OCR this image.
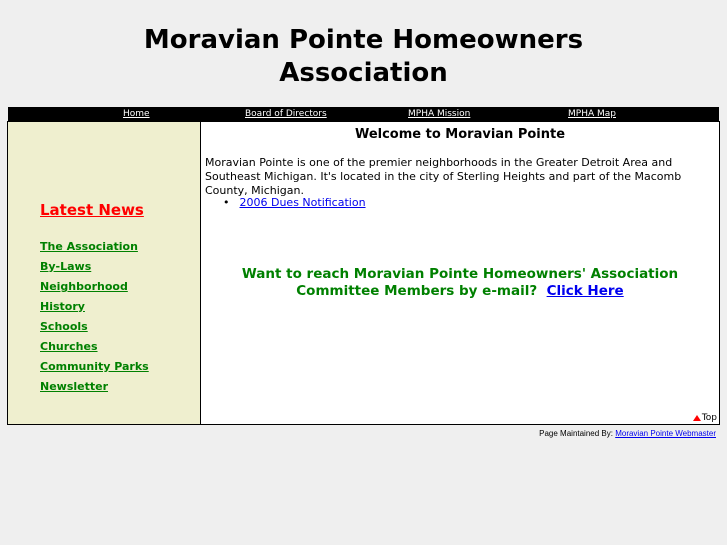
Moravian Pointe Homeowners
Association
Home	Board of Directors	MPHA Mission	MPHA Map
Latest News
The Association
By-Laws
Neighborhood
History
Schools
Churches
Community Parks
Newsletter
Welcome to Moravian Pointe
Moravian Pointe is one of the premier neighborhoods in the Greater Detroit Area and Southeast Michigan. It's located in the city of Sterling Heights and part of the Macomb County, Michigan.
• 2006 Dues Notification
Want to reach Moravian Pointe Homeowners' Association Committee Members by e-mail? Click Here
Top
Page Maintained By: Moravian Pointe Webmaster
